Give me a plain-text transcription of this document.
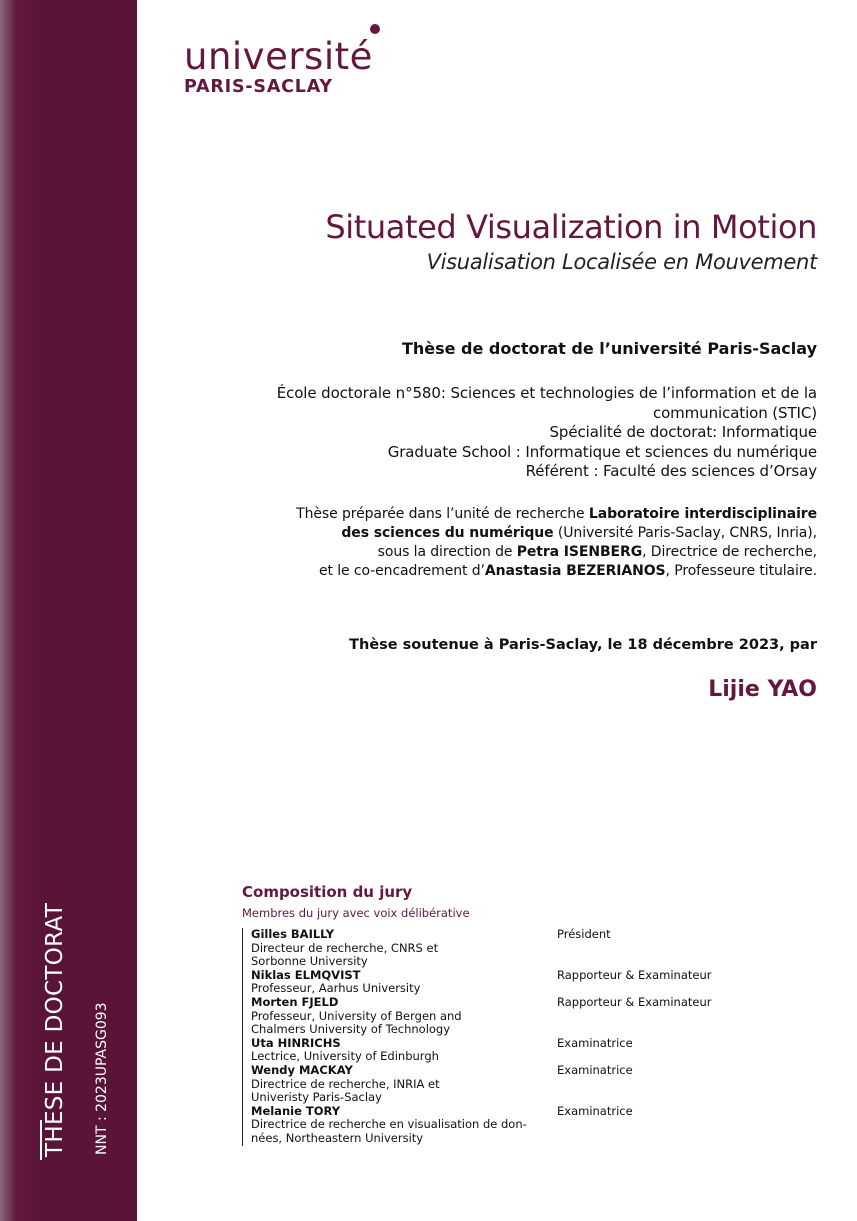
THESE DE DOCTORAT NNT : 2023UPASG093
université
PARIS-SACLAY
Situated Visualization in Motion
Visualisation Localisée en Mouvement
Thèse de doctorat de l’université Paris-Saclay
École doctorale n°580: Sciences et technologies de l’information et de la
communication (STIC)
Spécialité de doctorat: Informatique
Graduate School : Informatique et sciences du numérique
Référent : Faculté des sciences d’Orsay
Thèse préparée dans l’unité de recherche Laboratoire interdisciplinaire
des sciences du numérique (Université Paris-Saclay, CNRS, Inria),
sous la direction de Petra ISENBERG, Directrice de recherche,
et le co-encadrement d’Anastasia BEZERIANOS, Professeure titulaire.
Thèse soutenue à Paris-Saclay, le 18 décembre 2023, par
Lijie YAO
Composition du jury
Membres du jury avec voix délibérative
Gilles BAILLY
Directeur de recherche, CNRS et
Sorbonne University
Président
Niklas ELMQVIST
Professeur, Aarhus University
Rapporteur & Examinateur
Morten FJELD
Professeur, University of Bergen and
Chalmers University of Technology
Rapporteur & Examinateur
Uta HINRICHS
Lectrice, University of Edinburgh
Examinatrice
Wendy MACKAY
Directrice de recherche, INRIA et
Univeristy Paris-Saclay
Examinatrice
Melanie TORY
Directrice de recherche en visualisation de don-
nées, Northeastern University
Examinatrice
